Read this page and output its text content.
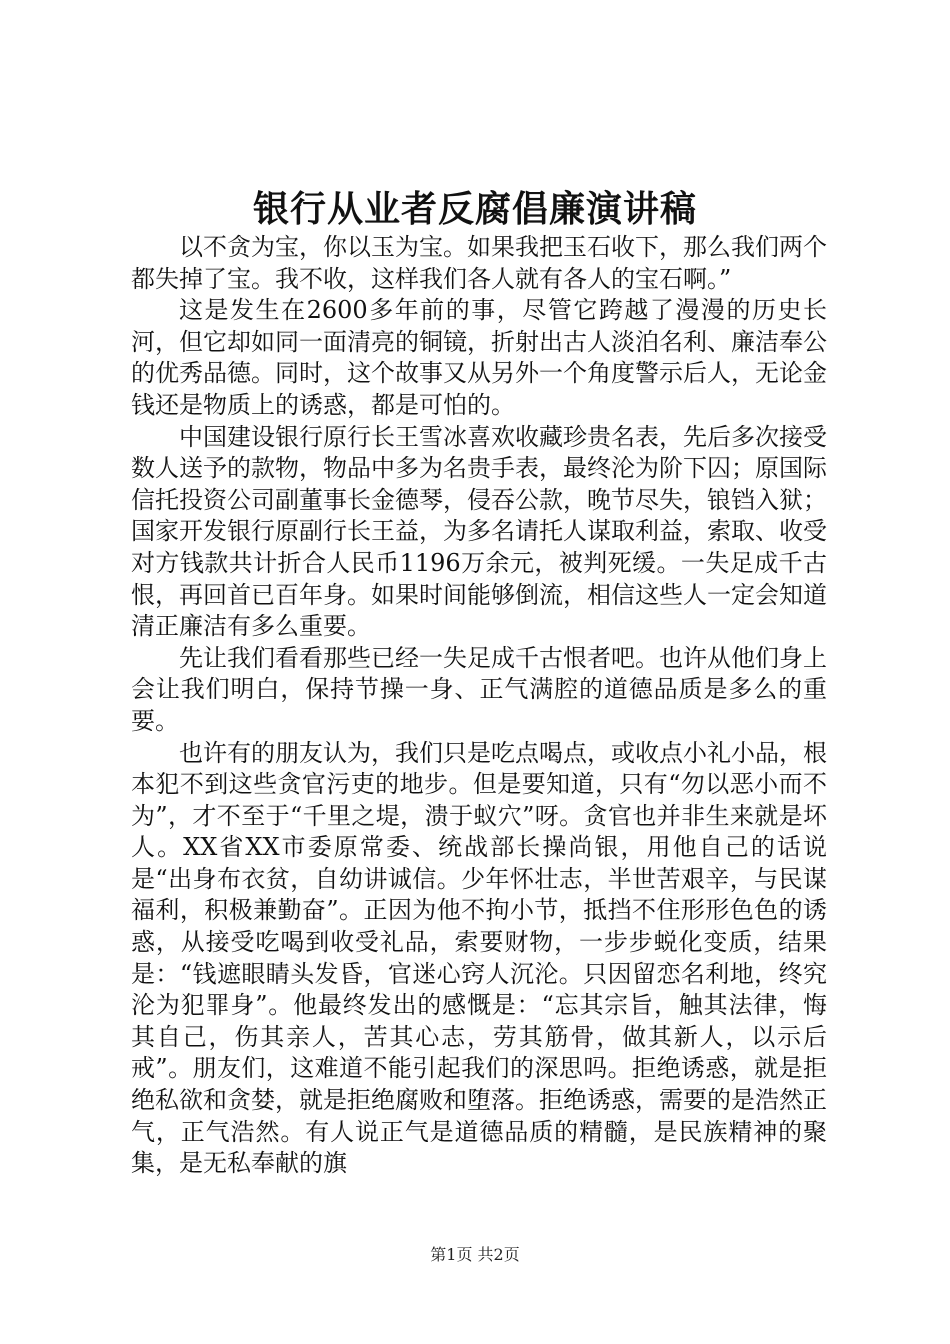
银行从业者反腐倡廉演讲稿

以不贪为宝，你以玉为宝。如果我把玉石收下，那么我们两个都失掉了宝。我不收，这样我们各人就有各人的宝石啊。”

这是发生在2600多年前的事，尽管它跨越了漫漫的历史长河，但它却如同一面清亮的铜镜，折射出古人淡泊名利、廉洁奉公的优秀品德。同时，这个故事又从另外一个角度警示后人，无论金钱还是物质上的诱惑，都是可怕的。

中国建设银行原行长王雪冰喜欢收藏珍贵名表，先后多次接受数人送予的款物，物品中多为名贵手表，最终沦为阶下囚；原国际信托投资公司副董事长金德琴，侵吞公款，晚节尽失，锒铛入狱；国家开发银行原副行长王益，为多名请托人谋取利益，索取、收受对方钱款共计折合人民币1196万余元，被判死缓。一失足成千古恨，再回首已百年身。如果时间能够倒流，相信这些人一定会知道清正廉洁有多么重要。

先让我们看看那些已经一失足成千古恨者吧。也许从他们身上会让我们明白，保持节操一身、正气满腔的道德品质是多么的重要。

也许有的朋友认为，我们只是吃点喝点，或收点小礼小品，根本犯不到这些贪官污吏的地步。但是要知道，只有“勿以恶小而不为”，才不至于“千里之堤，溃于蚁穴”呀。贪官也并非生来就是坏人。XX省XX市委原常委、统战部长操尚银，用他自己的话说是“出身布衣贫，自幼讲诚信。少年怀壮志，半世苦艰辛，与民谋福利，积极兼勤奋”。正因为他不拘小节，抵挡不住形形色色的诱惑，从接受吃喝到收受礼品，索要财物，一步步蜕化变质，结果是：“钱遮眼睛头发昏，官迷心窍人沉沦。只因留恋名利地，终究沦为犯罪身”。他最终发出的感慨是：“忘其宗旨，触其法律，悔其自己，伤其亲人，苦其心志，劳其筋骨，做其新人，以示后戒”。朋友们，这难道不能引起我们的深思吗。拒绝诱惑，就是拒绝私欲和贪婪，就是拒绝腐败和堕落。拒绝诱惑，需要的是浩然正气，正气浩然。有人说正气是道德品质的精髓，是民族精神的聚集，是无私奉献的旗

第1页 共2页
